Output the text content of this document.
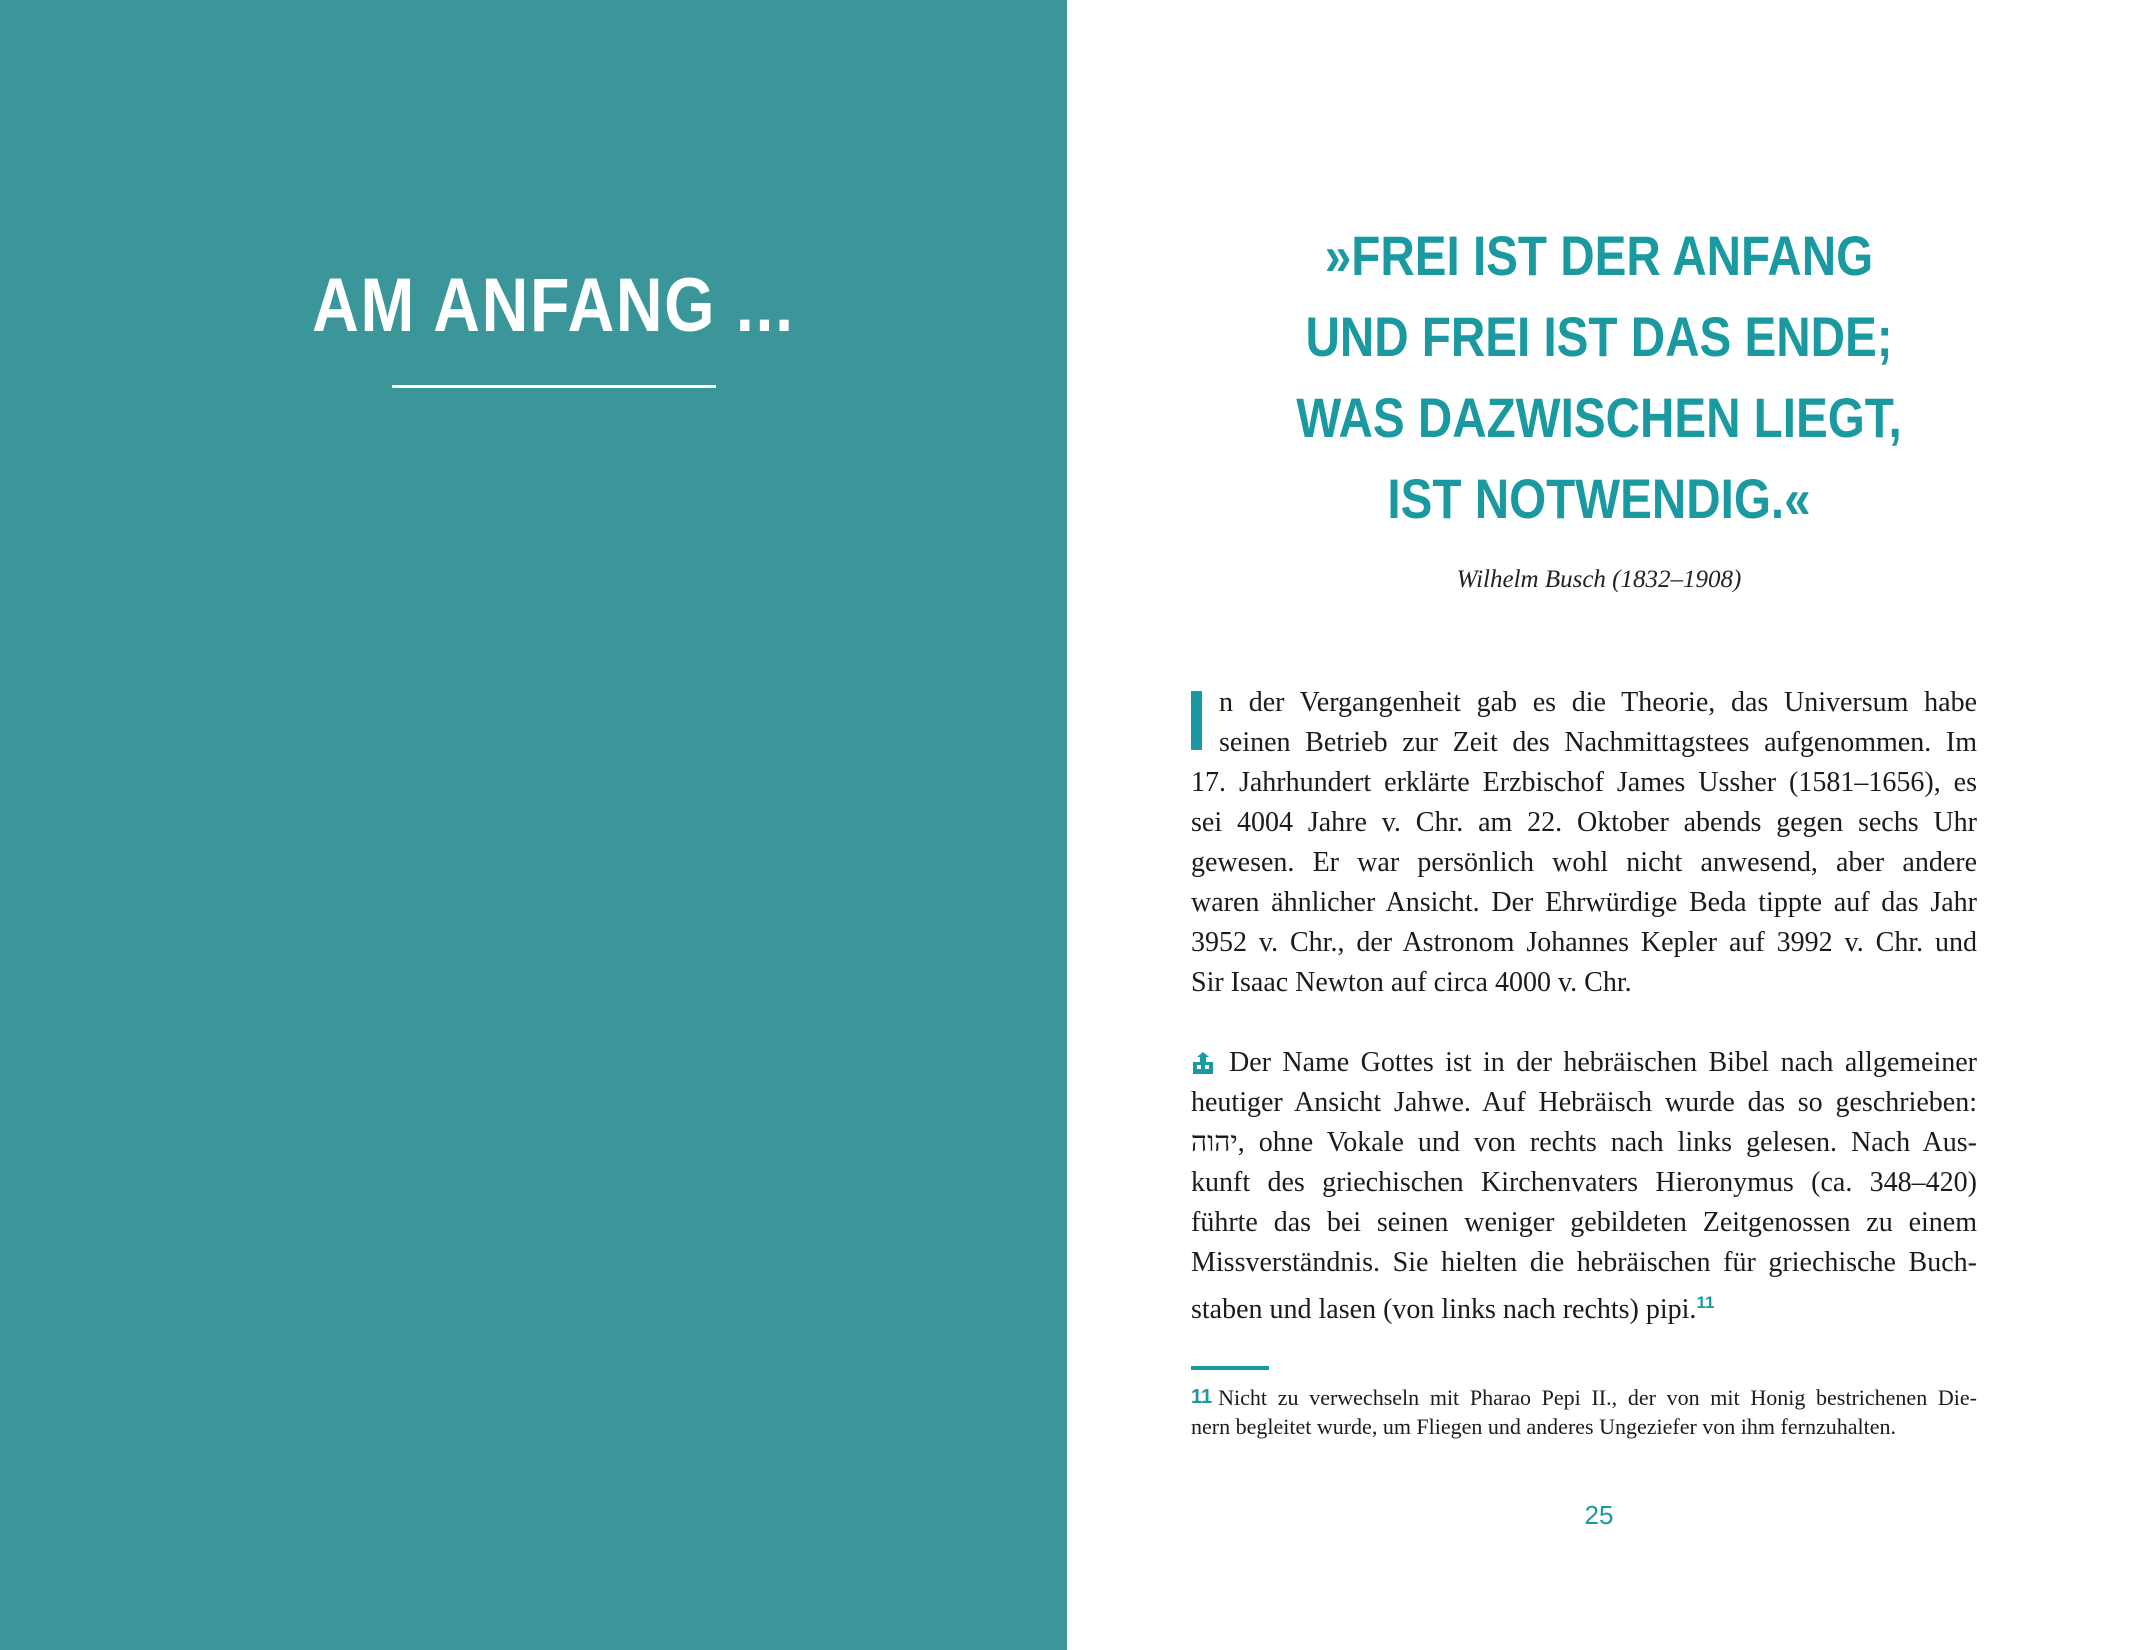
AM ANFANG ...
»FREI IST DER ANFANG
UND FREI IST DAS ENDE;
WAS DAZWISCHEN LIEGT,
IST NOTWENDIG.«
Wilhelm Busch (1832–1908)
n der Vergangenheit gab es die Theorie, das Universum habe
seinen Betrieb zur Zeit des Nachmittagstees aufgenommen. Im
17. Jahrhundert erklärte Erzbischof James Ussher (1581–1656), es
sei 4004 Jahre v. Chr. am 22. Oktober abends gegen sechs Uhr
gewesen. Er war persönlich wohl nicht anwesend, aber andere
waren ähnlicher Ansicht. Der Ehrwürdige Beda tippte auf das Jahr
3952 v. Chr., der Astronom Johannes Kepler auf 3992 v. Chr. und
Sir Isaac Newton auf circa 4000 v. Chr.
Der Name Gottes ist in der hebräischen Bibel nach allgemeiner
heutiger Ansicht Jahwe. Auf Hebräisch wurde das so geschrieben:
יהוה, ohne Vokale und von rechts nach links gelesen. Nach Aus-
kunft des griechischen Kirchenvaters Hieronymus (ca. 348–420)
führte das bei seinen weniger gebildeten Zeitgenossen zu einem
Missverständnis. Sie hielten die hebräischen für griechische Buch-
staben und lasen (von links nach rechts) pipi.$^{11}$
11 Nicht zu verwechseln mit Pharao Pepi II., der von mit Honig bestrichenen Die-
nern begleitet wurde, um Fliegen und anderes Ungeziefer von ihm fernzuhalten.
25
